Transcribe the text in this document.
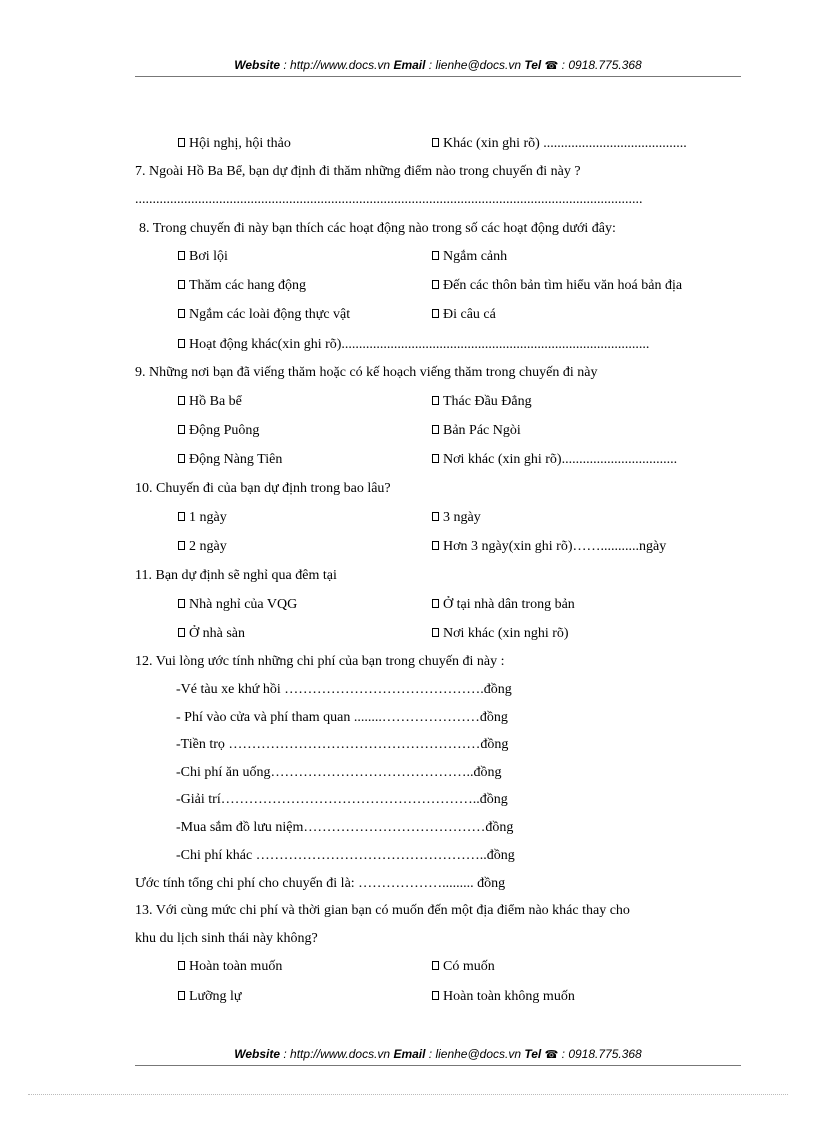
Website : http://www.docs.vn Email : lienhe@docs.vn Tel ☎ : 0918.775.368
Hội nghị, hội thảo	Khác (xin ghi rõ) .........................................
7. Ngoài Hồ Ba Bể, bạn dự định đi thăm những điểm nào trong chuyến đi này ?
.................................................................................................................................................
8. Trong chuyến đi này bạn thích các hoạt động nào trong số các hoạt động dưới đây:
Bơi lội	Ngắm cảnh
Thăm các hang động	Đến các thôn bản tìm hiểu văn hoá bản địa
Ngắm các loài động thực vật	Đi câu cá
Hoạt động khác(xin ghi rõ)........................................................................................
9. Những nơi bạn đã viếng thăm hoặc có kế hoạch viếng thăm trong chuyến đi này
Hồ Ba bể	Thác Đầu Đẳng
Động Puông	Bản Pác Ngòi
Động Nàng Tiên	Nơi khác (xin ghi rõ).................................
10. Chuyến đi của bạn dự định trong bao lâu?
1 ngày	3 ngày
2 ngày	Hơn 3 ngày(xin ghi rõ)……...........ngày
11. Bạn dự định sẽ nghỉ qua đêm tại
Nhà nghỉ của VQG	Ở tại nhà dân trong bản
Ở nhà sàn	Nơi khác (xin nghi rõ)
12. Vui lòng ước tính những chi phí của bạn trong chuyến đi này :
-Vé tàu xe khứ hồi …………………………………….đồng
- Phí vào cửa và phí tham quan ........…………………đồng
-Tiền trọ ………………………………………………đồng
-Chi phí ăn uống……………………………………..đồng
-Giải trí………………………………………………..đồng
-Mua sắm đồ lưu niệm…………………………………đồng
-Chi phí khác …………………………………………..đồng
Ước tính tổng chi phí cho chuyến đi là: ………………......... đồng
13. Với cùng mức chi phí và thời gian bạn có muốn đến một địa điểm nào khác thay cho
khu du lịch sinh thái này không?
Hoàn toàn muốn	Có muốn
Lưỡng lự	Hoàn toàn không muốn
Website : http://www.docs.vn Email : lienhe@docs.vn Tel ☎ : 0918.775.368
